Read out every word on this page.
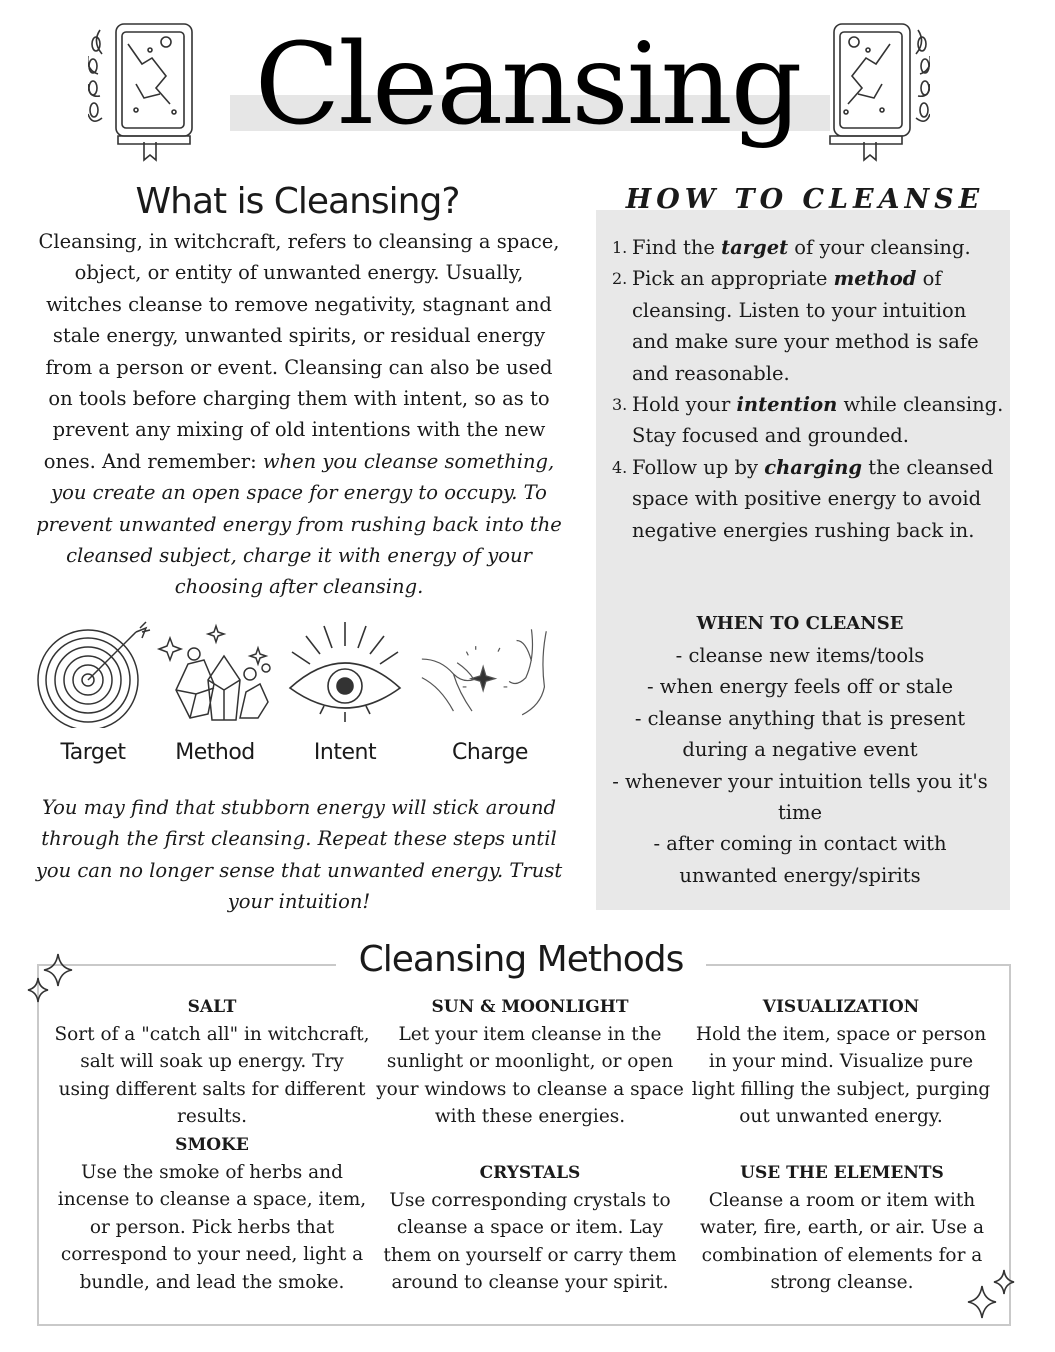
Cleansing
What is Cleansing?
Cleansing, in witchcraft, refers to cleansing a space, object, or entity of unwanted energy. Usually, witches cleanse to remove negativity, stagnant and stale energy, unwanted spirits, or residual energy from a person or event. Cleansing can also be used on tools before charging them with intent, so as to prevent any mixing of old intentions with the new ones. And remember: when you cleanse something, you create an open space for energy to occupy. To prevent unwanted energy from rushing back into the cleansed subject, charge it with energy of your choosing after cleansing.
Target	Method	Intent	Charge
You may find that stubborn energy will stick around through the first cleansing. Repeat these steps until you can no longer sense that unwanted energy. Trust your intuition!
HOW TO CLEANSE
1. Find the target of your cleansing.
2. Pick an appropriate method of cleansing. Listen to your intuition and make sure your method is safe and reasonable.
3. Hold your intention while cleansing. Stay focused and grounded.
4. Follow up by charging the cleansed space with positive energy to avoid negative energies rushing back in.
WHEN TO CLEANSE
- cleanse new items/tools
- when energy feels off or stale
- cleanse anything that is present during a negative event
- whenever your intuition tells you it's time
- after coming in contact with unwanted energy/spirits
Cleansing Methods
SALT
Sort of a "catch all" in witchcraft, salt will soak up energy. Try using different salts for different results.
SUN & MOONLIGHT
Let your item cleanse in the sunlight or moonlight, or open your windows to cleanse a space with these energies.
VISUALIZATION
Hold the item, space or person in your mind. Visualize pure light filling the subject, purging out unwanted energy.
SMOKE
Use the smoke of herbs and incense to cleanse a space, item, or person. Pick herbs that correspond to your need, light a bundle, and lead the smoke.
CRYSTALS
Use corresponding crystals to cleanse a space or item. Lay them on yourself or carry them around to cleanse your spirit.
USE THE ELEMENTS
Cleanse a room or item with water, fire, earth, or air. Use a combination of elements for a strong cleanse.
